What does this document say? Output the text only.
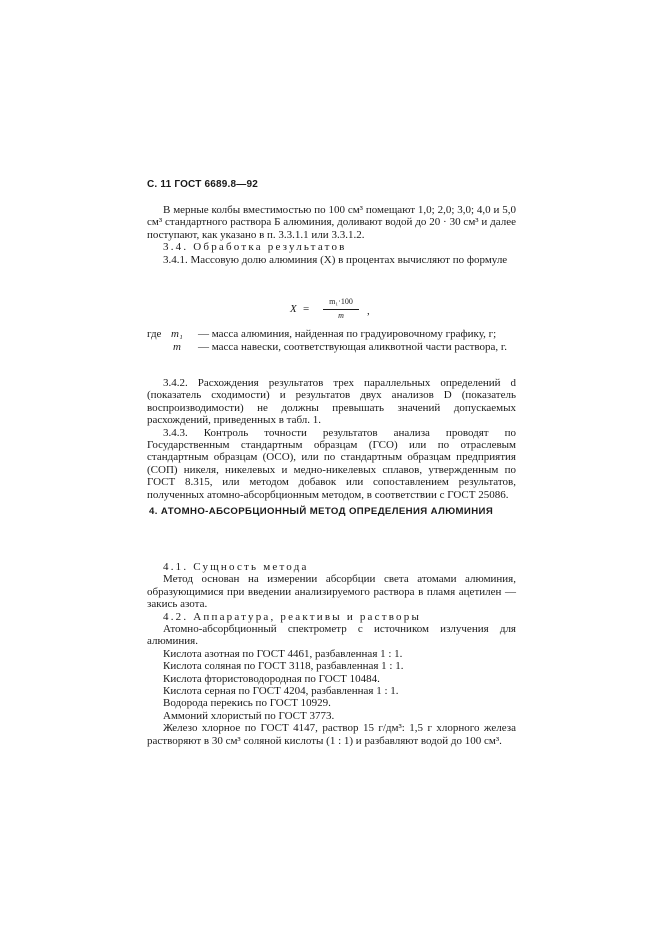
С. 11 ГОСТ 6689.8—92

В мерные колбы вместимостью по 100 см³ помещают 1,0; 2,0; 3,0; 4,0 и 5,0 см³ стандартного раствора Б алюминия, доливают водой до 20 · 30 см³ и далее поступают, как указано в п. 3.3.1.1 или 3.3.1.2.

3.4. Обработка результатов

3.4.1. Массовую долю алюминия (X) в процентах вычисляют по формуле

X =
m₁·100
m	,
где m₁ — масса алюминия, найденная по градуировочному графику, г;
m — масса навески, соответствующая аликвотной части раствора, г.

3.4.2. Расхождения результатов трех параллельных определений d (показатель сходимости) и результатов двух анализов D (показатель воспроизводимости) не должны превышать значений допускаемых расхождений, приведенных в табл. 1.

3.4.3. Контроль точности результатов анализа проводят по Государственным стандартным образцам (ГСО) или по отраслевым стандартным образцам (ОСО), или по стандартным образцам предприятия (СОП) никеля, никелевых и медно-никелевых сплавов, утвержденным по ГОСТ 8.315, или методом добавок или сопоставлением результатов, полученных атомно-абсорбционным методом, в соответствии с ГОСТ 25086.

4. АТОМНО-АБСОРБЦИОННЫЙ МЕТОД ОПРЕДЕЛЕНИЯ АЛЮМИНИЯ

4.1. Сущность метода

Метод основан на измерении абсорбции света атомами алюминия, образующимися при введении анализируемого раствора в пламя ацетилен — закись азота.

4.2. Аппаратура, реактивы и растворы

Атомно-абсорбционный спектрометр с источником излучения для алюминия.

Кислота азотная по ГОСТ 4461, разбавленная 1 : 1.

Кислота соляная по ГОСТ 3118, разбавленная 1 : 1.

Кислота фтористоводородная по ГОСТ 10484.

Кислота серная по ГОСТ 4204, разбавленная 1 : 1.

Водорода перекись по ГОСТ 10929.

Аммоний хлористый по ГОСТ 3773.

Железо хлорное по ГОСТ 4147, раствор 15 г/дм³: 1,5 г хлорного железа растворяют в 30 см³ соляной кислоты (1 : 1) и разбавляют водой до 100 см³.
